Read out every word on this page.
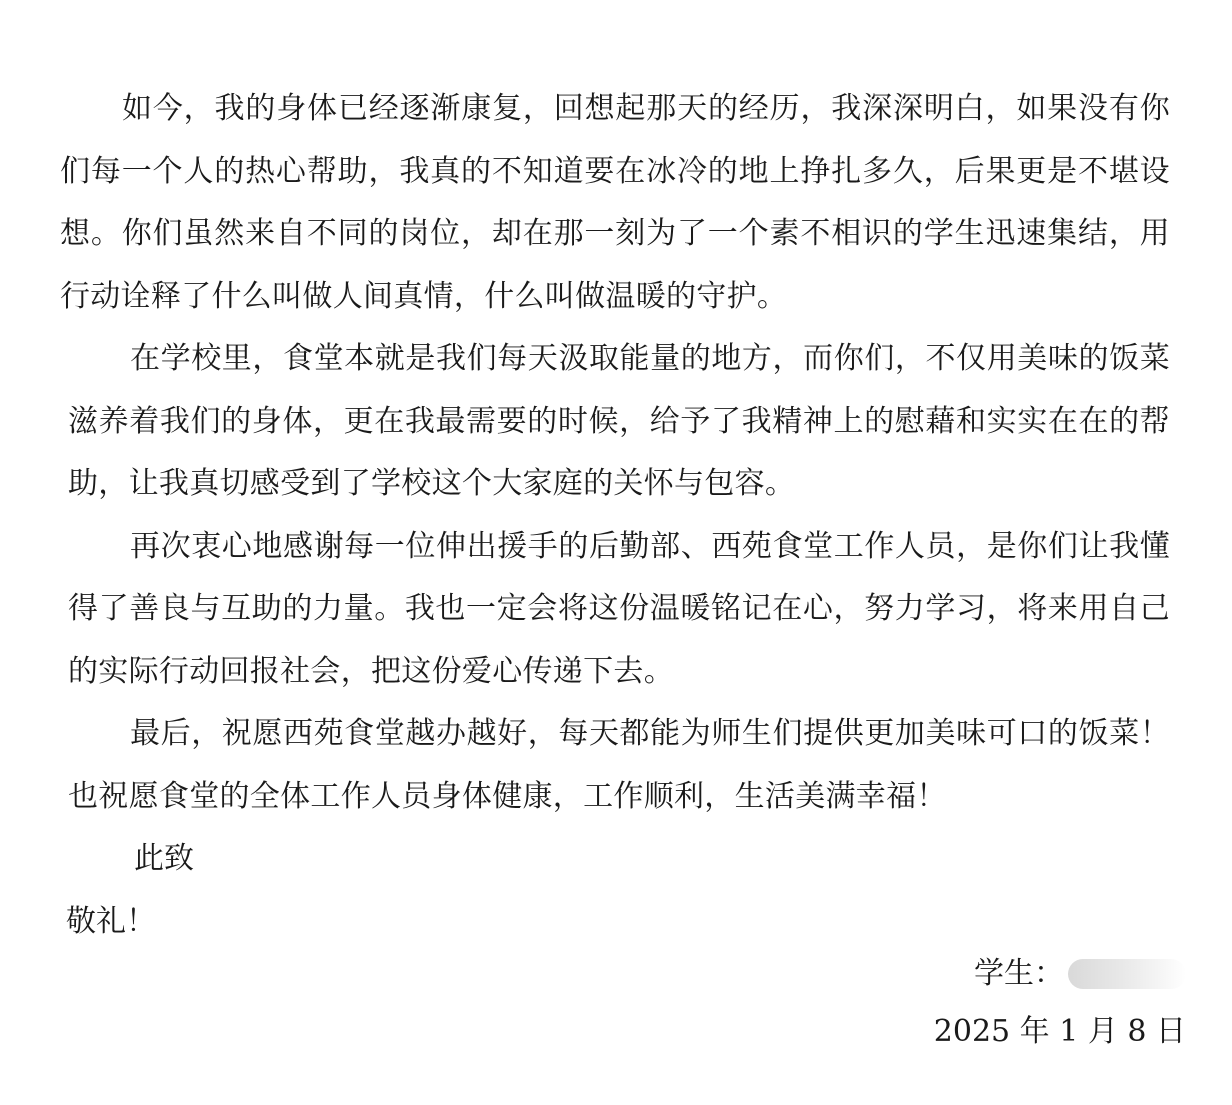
如今，我的身体已经逐渐康复，回想起那天的经历，我深深明白，如果没有你们每一个人的热心帮助，我真的不知道要在冰冷的地上挣扎多久，后果更是不堪设想。你们虽然来自不同的岗位，却在那一刻为了一个素不相识的学生迅速集结，用行动诠释了什么叫做人间真情，什么叫做温暖的守护。

在学校里，食堂本就是我们每天汲取能量的地方，而你们，不仅用美味的饭菜滋养着我们的身体，更在我最需要的时候，给予了我精神上的慰藉和实实在在的帮助，让我真切感受到了学校这个大家庭的关怀与包容。

再次衷心地感谢每一位伸出援手的后勤部、西苑食堂工作人员，是你们让我懂得了善良与互助的力量。我也一定会将这份温暖铭记在心，努力学习，将来用自己的实际行动回报社会，把这份爱心传递下去。

最后，祝愿西苑食堂越办越好，每天都能为师生们提供更加美味可口的饭菜！也祝愿食堂的全体工作人员身体健康，工作顺利，生活美满幸福！

此致

敬礼！

学生：
2025 年 1 月 8 日
